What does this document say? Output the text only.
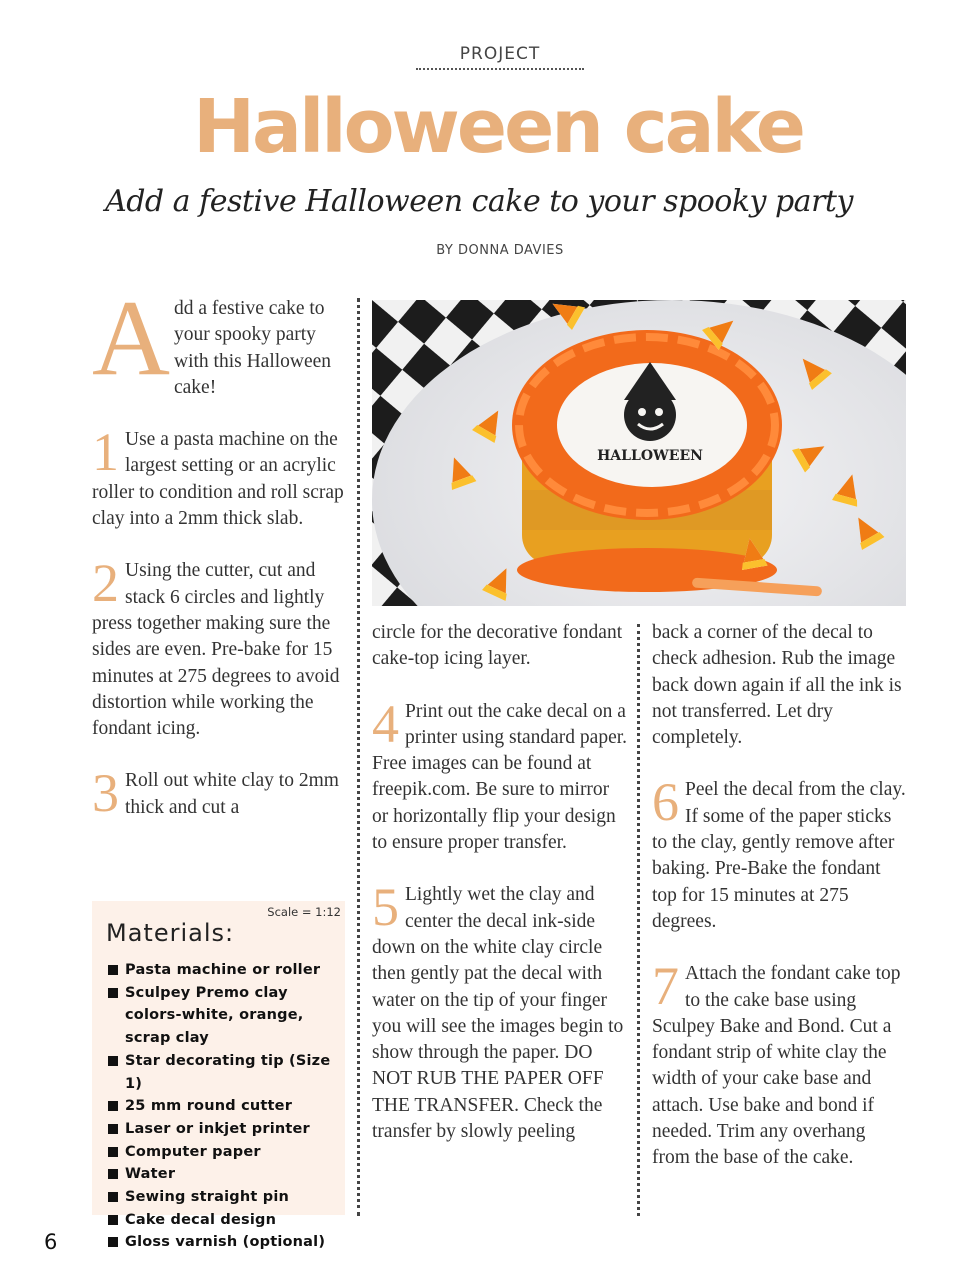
PROJECT
Halloween cake
Add a festive Halloween cake to your spooky party
BY DONNA DAVIES

Add a festive cake to your spooky party with this Halloween cake!

1 Use a pasta machine on the largest setting or an acrylic roller to condition and roll scrap clay into a 2mm thick slab.

2 Using the cutter, cut and stack 6 circles and lightly press together making sure the sides are even. Pre-bake for 15 minutes at 275 degrees to avoid distortion while working the fondant icing.

3 Roll out white clay to 2mm thick and cut a

HALLOWEEN

circle for the decorative fondant cake-top icing layer.

4 Print out the cake decal on a printer using standard paper. Free images can be found at freepik.com. Be sure to mirror or horizontally flip your design to ensure proper transfer.

5 Lightly wet the clay and center the decal ink-side down on the white clay circle then gently pat the decal with water on the tip of your finger you will see the images begin to show through the paper. DO NOT RUB THE PAPER OFF THE TRANSFER. Check the transfer by slowly peeling

back a corner of the decal to check adhesion. Rub the image back down again if all the ink is not transferred. Let dry completely.

6 Peel the decal from the clay. If some of the paper sticks to the clay, gently remove after baking. Pre-Bake the fondant top for 15 minutes at 275 degrees.

7 Attach the fondant cake top to the cake base using Sculpey Bake and Bond. Cut a fondant strip of white clay the width of your cake base and attach. Use bake and bond if needed. Trim any overhang from the base of the cake.

Scale = 1:12
Materials:
Pasta machine or roller
Sculpey Premo clay colors-white, orange, scrap clay
Star decorating tip (Size 1)
25 mm round cutter
Laser or inkjet printer
Computer paper
Water
Sewing straight pin
Cake decal design
Gloss varnish (optional)
6
